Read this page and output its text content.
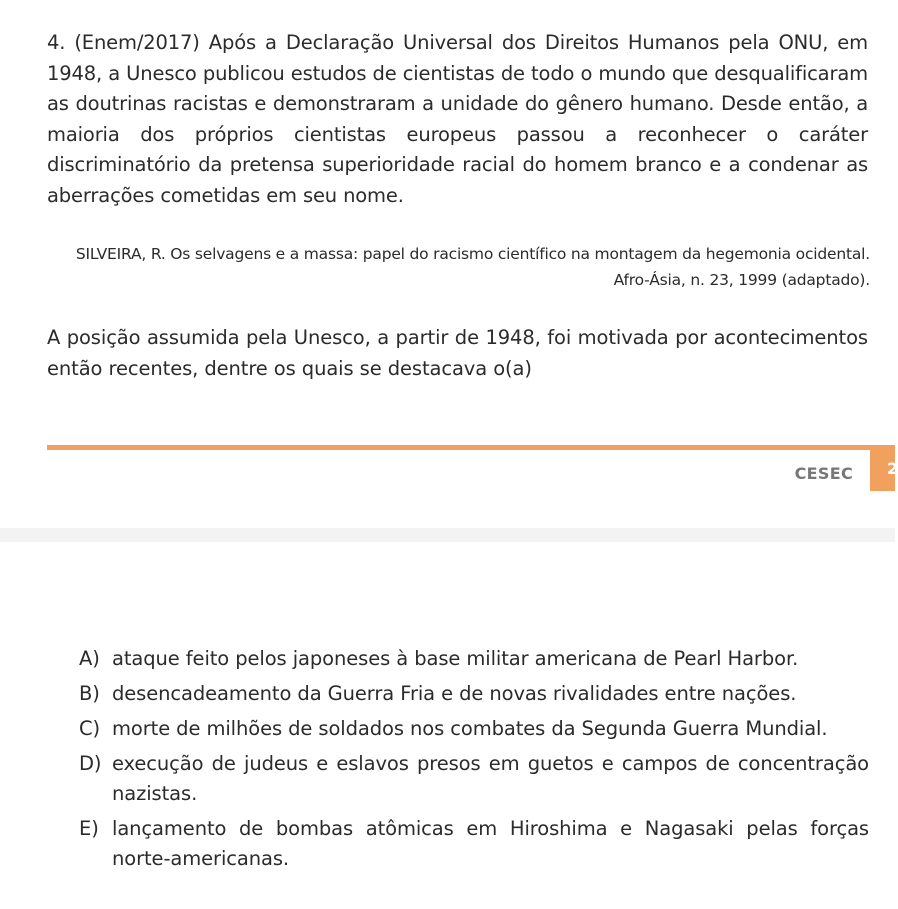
4. (Enem/2017) Após a Declaração Universal dos Direitos Humanos pela ONU, em 1948, a Unesco publicou estudos de cientistas de todo o mundo que desqualificaram as doutrinas racistas e demonstraram a unidade do gênero humano. Desde então, a maioria dos próprios cientistas europeus passou a reconhecer o caráter discriminatório da pretensa superioridade racial do homem branco e a condenar as aberrações cometidas em seu nome.

SILVEIRA, R. Os selvagens e a massa: papel do racismo científico na montagem da hegemonia ocidental. Afro-Ásia, n. 23, 1999 (adaptado).

A posição assumida pela Unesco, a partir de 1948, foi motivada por acontecimentos então recentes, dentre os quais se destacava o(a)

CESEC	2
A) ataque feito pelos japoneses à base militar americana de Pearl Harbor.
B) desencadeamento da Guerra Fria e de novas rivalidades entre nações.
C) morte de milhões de soldados nos combates da Segunda Guerra Mundial.
D) execução de judeus e eslavos presos em guetos e campos de concentração nazistas.
E) lançamento de bombas atômicas em Hiroshima e Nagasaki pelas forças norte-americanas.
